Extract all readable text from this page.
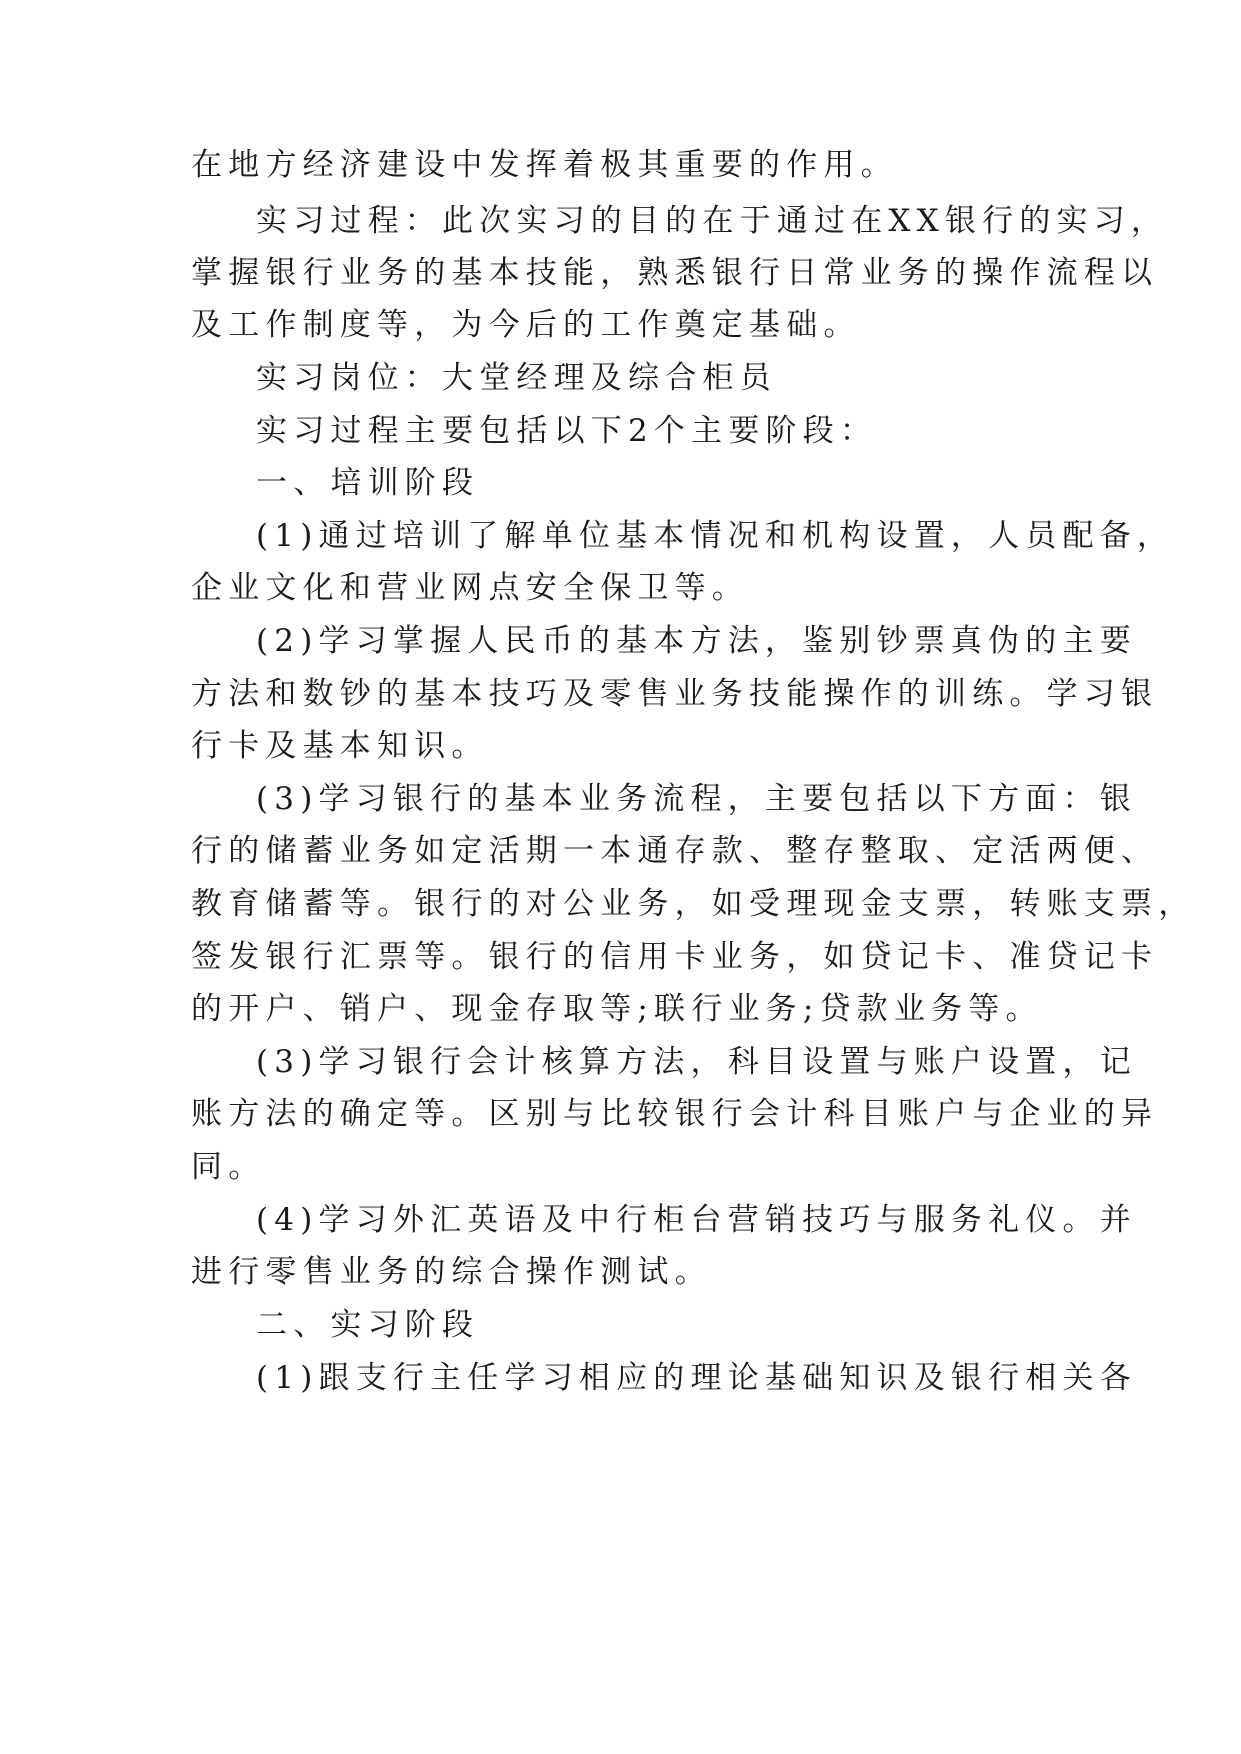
在地方经济建设中发挥着极其重要的作用。
实习过程：此次实习的目的在于通过在XX银行的实习，
掌握银行业务的基本技能，熟悉银行日常业务的操作流程以
及工作制度等，为今后的工作奠定基础。
实习岗位：大堂经理及综合柜员
实习过程主要包括以下2个主要阶段：
一、培训阶段
(1)通过培训了解单位基本情况和机构设置，人员配备，
企业文化和营业网点安全保卫等。
(2)学习掌握人民币的基本方法，鉴别钞票真伪的主要
方法和数钞的基本技巧及零售业务技能操作的训练。学习银
行卡及基本知识。
(3)学习银行的基本业务流程，主要包括以下方面：银
行的储蓄业务如定活期一本通存款、整存整取、定活两便、
教育储蓄等。银行的对公业务，如受理现金支票，转账支票，
签发银行汇票等。银行的信用卡业务，如贷记卡、准贷记卡
的开户、销户、现金存取等;联行业务;贷款业务等。
(3)学习银行会计核算方法，科目设置与账户设置，记
账方法的确定等。区别与比较银行会计科目账户与企业的异
同。
(4)学习外汇英语及中行柜台营销技巧与服务礼仪。并
进行零售业务的综合操作测试。
二、实习阶段
(1)跟支行主任学习相应的理论基础知识及银行相关各
